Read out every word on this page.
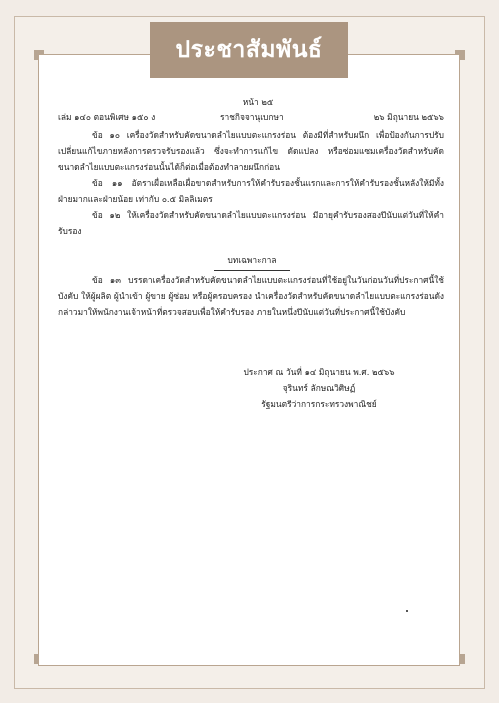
ประชาสัมพันธ์
หน้า ๒๕
เล่ม ๑๔๐ ตอนพิเศษ ๑๕๐ ง	ราชกิจจานุเบกษา	๒๖ มิถุนายน ๒๕๖๖

ข้อ ๑๐ เครื่องวัดสำหรับคัดขนาดลำไยแบบตะแกรงร่อน ต้องมีที่สำหรับผนึก เพื่อป้องกันการปรับเปลี่ยนแก้ไขภายหลังการตรวจรับรองแล้ว ซึ่งจะทำการแก้ไข ดัดแปลง หรือซ่อมแซมเครื่องวัดสำหรับคัดขนาดลำไยแบบตะแกรงร่อนนั้นได้ก็ต่อเมื่อต้องทำลายผนึกก่อน

ข้อ ๑๑ อัตราเผื่อเหลือเผื่อขาดสำหรับการให้คำรับรองชั้นแรกและการให้คำรับรองชั้นหลังให้มีทั้งฝ่ายมากและฝ่ายน้อย เท่ากับ ๐.๕ มิลลิเมตร

ข้อ ๑๒ ให้เครื่องวัดสำหรับคัดขนาดลำไยแบบตะแกรงร่อน มีอายุคำรับรองสองปีนับแต่วันที่ให้คำรับรอง

บทเฉพาะกาล

ข้อ ๑๓ บรรดาเครื่องวัดสำหรับคัดขนาดลำไยแบบตะแกรงร่อนที่ใช้อยู่ในวันก่อนวันที่ประกาศนี้ใช้บังคับ ให้ผู้ผลิต ผู้นำเข้า ผู้ขาย ผู้ซ่อม หรือผู้ครอบครอง นำเครื่องวัดสำหรับคัดขนาดลำไยแบบตะแกรงร่อนดังกล่าวมาให้พนักงานเจ้าหน้าที่ตรวจสอบเพื่อให้คำรับรอง ภายในหนึ่งปีนับแต่วันที่ประกาศนี้ใช้บังคับ

ประกาศ ณ วันที่ ๑๔ มิถุนายน พ.ศ. ๒๕๖๖
จุรินทร์ ลักษณวิศิษฏ์
รัฐมนตรีว่าการกระทรวงพาณิชย์
